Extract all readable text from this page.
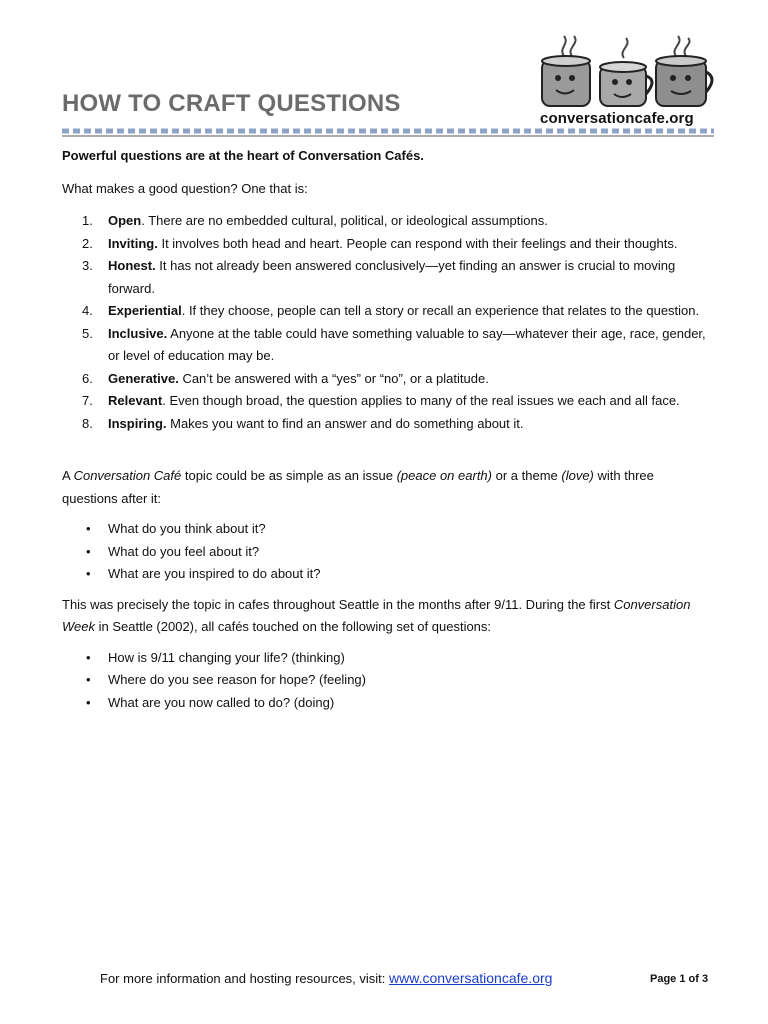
HOW TO CRAFT QUESTIONS
conversationcafe.org

Powerful questions are at the heart of Conversation Cafés.

What makes a good question? One that is:

1. Open. There are no embedded cultural, political, or ideological assumptions.
2. Inviting. It involves both head and heart. People can respond with their feelings and their thoughts.
3. Honest. It has not already been answered conclusively—yet finding an answer is crucial to moving forward.
4. Experiential. If they choose, people can tell a story or recall an experience that relates to the question.
5. Inclusive. Anyone at the table could have something valuable to say—whatever their age, race, gender, or level of education may be.
6. Generative. Can’t be answered with a “yes” or “no”, or a platitude.
7. Relevant. Even though broad, the question applies to many of the real issues we each and all face.
8. Inspiring. Makes you want to find an answer and do something about it.

A Conversation Café topic could be as simple as an issue (peace on earth) or a theme (love) with three questions after it:

• What do you think about it?
• What do you feel about it?
• What are you inspired to do about it?

This was precisely the topic in cafes throughout Seattle in the months after 9/11. During the first Conversation Week in Seattle (2002), all cafés touched on the following set of questions:

• How is 9/11 changing your life? (thinking)
• Where do you see reason for hope? (feeling)
• What are you now called to do? (doing)
For more information and hosting resources, visit: www.conversationcafe.org	Page 1 of 3
